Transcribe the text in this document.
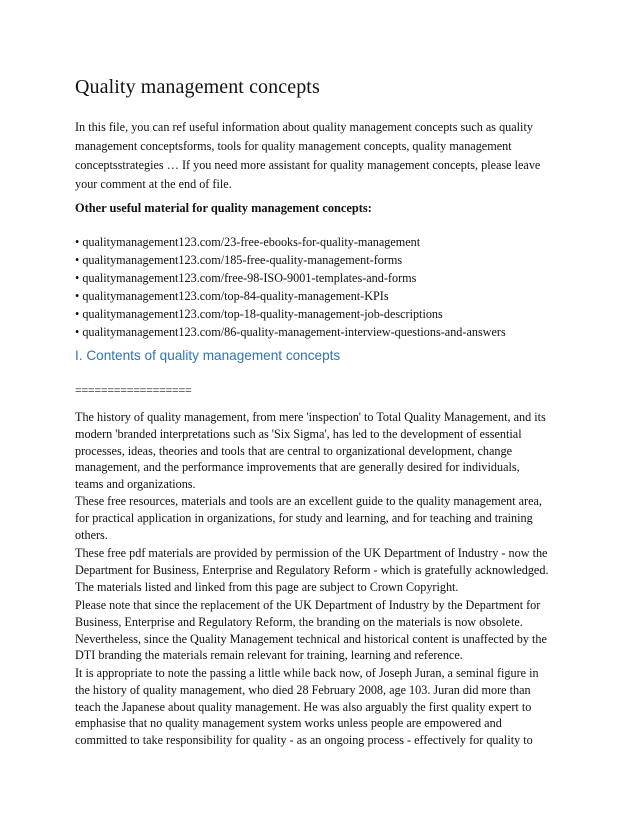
Quality management concepts
In this file, you can ref useful information about quality management concepts such as quality
management conceptsforms, tools for quality management concepts, quality management
conceptsstrategies … If you need more assistant for quality management concepts, please leave
your comment at the end of file.
Other useful material for quality management concepts:
• qualitymanagement123.com/23-free-ebooks-for-quality-management
• qualitymanagement123.com/185-free-quality-management-forms
• qualitymanagement123.com/free-98-ISO-9001-templates-and-forms
• qualitymanagement123.com/top-84-quality-management-KPIs
• qualitymanagement123.com/top-18-quality-management-job-descriptions
• qualitymanagement123.com/86-quality-management-interview-questions-and-answers
I. Contents of quality management concepts
==================
The history of quality management, from mere 'inspection' to Total Quality Management, and its
modern 'branded interpretations such as 'Six Sigma', has led to the development of essential
processes, ideas, theories and tools that are central to organizational development, change
management, and the performance improvements that are generally desired for individuals,
teams and organizations.
These free resources, materials and tools are an excellent guide to the quality management area,
for practical application in organizations, for study and learning, and for teaching and training
others.
These free pdf materials are provided by permission of the UK Department of Industry - now the
Department for Business, Enterprise and Regulatory Reform - which is gratefully acknowledged.
The materials listed and linked from this page are subject to Crown Copyright.
Please note that since the replacement of the UK Department of Industry by the Department for
Business, Enterprise and Regulatory Reform, the branding on the materials is now obsolete.
Nevertheless, since the Quality Management technical and historical content is unaffected by the
DTI branding the materials remain relevant for training, learning and reference.
It is appropriate to note the passing a little while back now, of Joseph Juran, a seminal figure in
the history of quality management, who died 28 February 2008, age 103. Juran did more than
teach the Japanese about quality management. He was also arguably the first quality expert to
emphasise that no quality management system works unless people are empowered and
committed to take responsibility for quality - as an ongoing process - effectively for quality to
